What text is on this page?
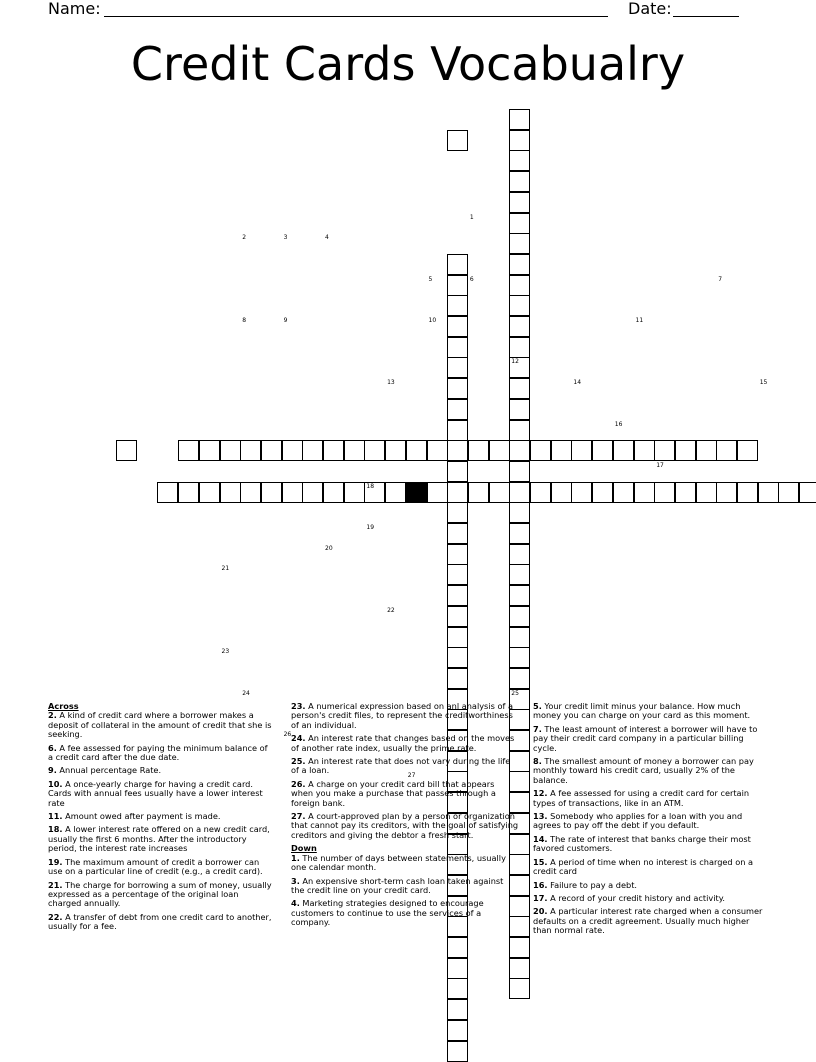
Name:	Date:
Credit Cards Vocabualry
1
2	3	4
5	6	7
8	9	10	11
12
13	14	15
16
17
18
19
20
21
22
23
24	25
26
27

Across

2. A kind of credit card where a borrower makes a deposit of collateral in the amount of credit that she is seeking.

6. A fee assessed for paying the minimum balance of a credit card after the due date.

9. Annual percentage Rate.

10. A once-yearly charge for having a credit card. Cards with annual fees usually have a lower interest rate

11. Amount owed after payment is made.

18. A lower interest rate offered on a new credit card, usually the first 6 months. After the introductory period, the interest rate increases

19. The maximum amount of credit a borrower can use on a particular line of credit (e.g., a credit card).

21. The charge for borrowing a sum of money, usually expressed as a percentage of the original loan charged annually.

22. A transfer of debt from one credit card to another, usually for a fee.

23. A numerical expression based on anl analysis of a person's credit files, to represent the creditworthiness of an individual.

24. An interest rate that changes based on the moves of another rate index, usually the prime rate.

25. An interest rate that does not vary during the life of a loan.

26. A charge on your credit card bill that appears when you make a purchase that passes through a foreign bank.

27. A court-approved plan by a person or organization that cannot pay its creditors, with the goal of satisfying creditors and giving the debtor a fresh start.

Down

1. The number of days between statements, usually one calendar month.

3. An expensive short-term cash loan taken against the credit line on your credit card.

4. Marketing strategies designed to encourage customers to continue to use the services of a company.

5. Your credit limit minus your balance. How much money you can charge on your card as this moment.

7. The least amount of interest a borrower will have to pay their credit card company in a particular billing cycle.

8. The smallest amount of money a borrower can pay monthly toward his credit card, usually 2% of the balance.

12. A fee assessed for using a credit card for certain types of transactions, like in an ATM.

13. Somebody who applies for a loan with you and agrees to pay off the debt if you default.

14. The rate of interest that banks charge their most favored customers.

15. A period of time when no interest is charged on a credit card

16. Failure to pay a debt.

17. A record of your credit history and activity.

20. A particular interest rate charged when a consumer defaults on a credit agreement. Usually much higher than normal rate.
